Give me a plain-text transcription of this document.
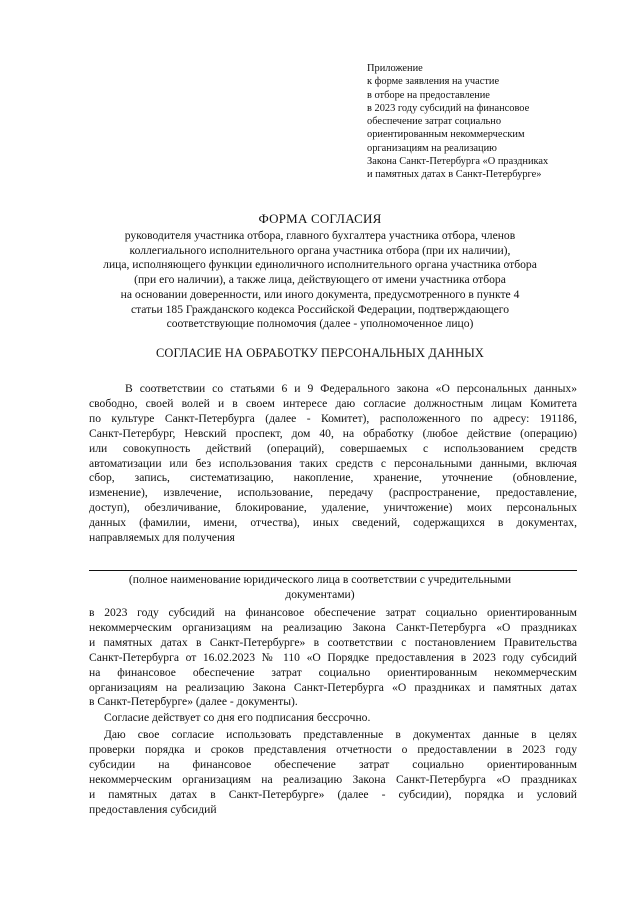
Приложение
к форме заявления на участие
в отборе на предоставление
в 2023 году субсидий на финансовое
обеспечение затрат социально
ориентированным некоммерческим
организациям на реализацию
Закона Санкт-Петербурга «О праздниках
и памятных датах в Санкт-Петербурге»
ФОРМА СОГЛАСИЯ
руководителя участника отбора, главного бухгалтера участника отбора, членов
коллегиального исполнительного органа участника отбора (при их наличии),
лица, исполняющего функции единоличного исполнительного органа участника отбора
(при его наличии), а также лица, действующего от имени участника отбора
на основании доверенности, или иного документа, предусмотренного в пункте 4
статьи 185 Гражданского кодекса Российской Федерации, подтверждающего
соответствующие полномочия (далее - уполномоченное лицо)
СОГЛАСИЕ НА ОБРАБОТКУ ПЕРСОНАЛЬНЫХ ДАННЫХ
В соответствии со статьями 6 и 9 Федерального закона «О персональных данных»
свободно, своей волей и в своем интересе даю согласие должностным лицам Комитета
по культуре Санкт-Петербурга (далее - Комитет), расположенного по адресу: 191186,
Санкт-Петербург, Невский проспект, дом 40, на обработку (любое действие (операцию)
или совокупность действий (операций), совершаемых с использованием средств
автоматизации или без использования таких средств с персональными данными, включая
сбор, запись, систематизацию, накопление, хранение, уточнение (обновление,
изменение), извлечение, использование, передачу (распространение, предоставление,
доступ), обезличивание, блокирование, удаление, уничтожение) моих персональных
данных (фамилии, имени, отчества), иных сведений, содержащихся в документах,
направляемых для получения
(полное наименование юридического лица в соответствии с учредительными
документами)
в 2023 году субсидий на финансовое обеспечение затрат социально ориентированным
некоммерческим организациям на реализацию Закона Санкт-Петербурга «О праздниках
и памятных датах в Санкт-Петербурге» в соответствии с постановлением Правительства
Санкт-Петербурга от 16.02.2023 № 110 «О Порядке предоставления в 2023 году субсидий
на финансовое обеспечение затрат социально ориентированным некоммерческим
организациям на реализацию Закона Санкт-Петербурга «О праздниках и памятных датах
в Санкт-Петербурге» (далее - документы).
Согласие действует со дня его подписания бессрочно.
Даю свое согласие использовать представленные в документах данные в целях
проверки порядка и сроков представления отчетности о предоставлении в 2023 году
субсидии на финансовое обеспечение затрат социально ориентированным
некоммерческим организациям на реализацию Закона Санкт-Петербурга «О праздниках
и памятных датах в Санкт-Петербурге» (далее - субсидии), порядка и условий
предоставления субсидий
